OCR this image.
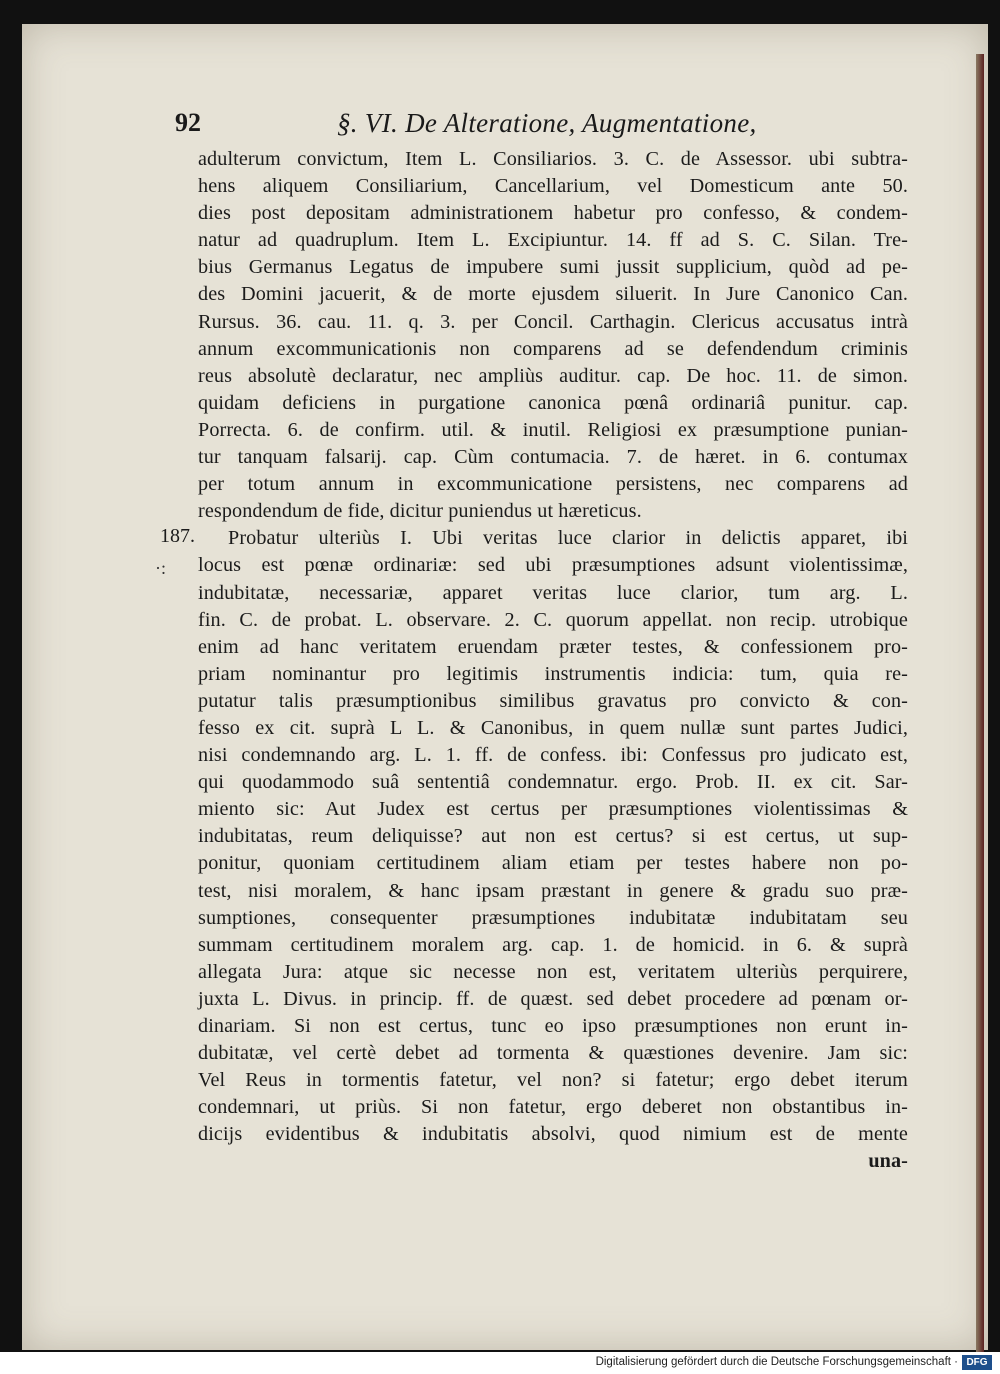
92	§. VI. De Alteratione, Augmentatione,
187.
·:
adulterum convictum, Item L. Consiliarios. 3. C. de Assessor. ubi subtra-
hens aliquem Consiliarium, Cancellarium, vel Domesticum ante 50.
dies post depositam administrationem habetur pro confesso, & condem-
natur ad quadruplum. Item L. Excipiuntur. 14. ff ad S. C. Silan. Tre-
bius Germanus Legatus de impubere sumi jussit supplicium, quòd ad pe-
des Domini jacuerit, & de morte ejusdem siluerit. In Jure Canonico Can.
Rursus. 36. cau. 11. q. 3. per Concil. Carthagin. Clericus accusatus intrà
annum excommunicationis non comparens ad se defendendum criminis
reus absolutè declaratur, nec ampliùs auditur. cap. De hoc. 11. de simon.
quidam deficiens in purgatione canonica pœnâ ordinariâ punitur. cap.
Porrecta. 6. de confirm. util. & inutil. Religiosi ex præsumptione punian-
tur tanquam falsarij. cap. Cùm contumacia. 7. de hæret. in 6. contumax
per totum annum in excommunicatione persistens, nec comparens ad
respondendum de fide, dicitur puniendus ut hæreticus.
Probatur ulteriùs I. Ubi veritas luce clarior in delictis apparet, ibi
locus est pœnæ ordinariæ: sed ubi præsumptiones adsunt violentissimæ,
indubitatæ, necessariæ, apparet veritas luce clarior, tum arg. L.
fin. C. de probat. L. observare. 2. C. quorum appellat. non recip. utrobique
enim ad hanc veritatem eruendam præter testes, & confessionem pro-
priam nominantur pro legitimis instrumentis indicia: tum, quia re-
putatur talis præsumptionibus similibus gravatus pro convicto & con-
fesso ex cit. suprà L L. & Canonibus, in quem nullæ sunt partes Judici,
nisi condemnando arg. L. 1. ff. de confess. ibi: Confessus pro judicato est,
qui quodammodo suâ sententiâ condemnatur. ergo. Prob. II. ex cit. Sar-
miento sic: Aut Judex est certus per præsumptiones violentissimas &
indubitatas, reum deliquisse? aut non est certus? si est certus, ut sup-
ponitur, quoniam certitudinem aliam etiam per testes habere non po-
test, nisi moralem, & hanc ipsam præstant in genere & gradu suo præ-
sumptiones, consequenter præsumptiones indubitatæ indubitatam seu
summam certitudinem moralem arg. cap. 1. de homicid. in 6. & suprà
allegata Jura: atque sic necesse non est, veritatem ulteriùs perquirere,
juxta L. Divus. in princip. ff. de quæst. sed debet procedere ad pœnam or-
dinariam. Si non est certus, tunc eo ipso præsumptiones non erunt in-
dubitatæ, vel certè debet ad tormenta & quæstiones devenire. Jam sic:
Vel Reus in tormentis fatetur, vel non? si fatetur; ergo debet iterum
condemnari, ut priùs. Si non fatetur, ergo deberet non obstantibus in-
dicijs evidentibus & indubitatis absolvi, quod nimium est de mente
una-
Digitalisierung gefördert durch die Deutsche Forschungsgemeinschaft · DFG
